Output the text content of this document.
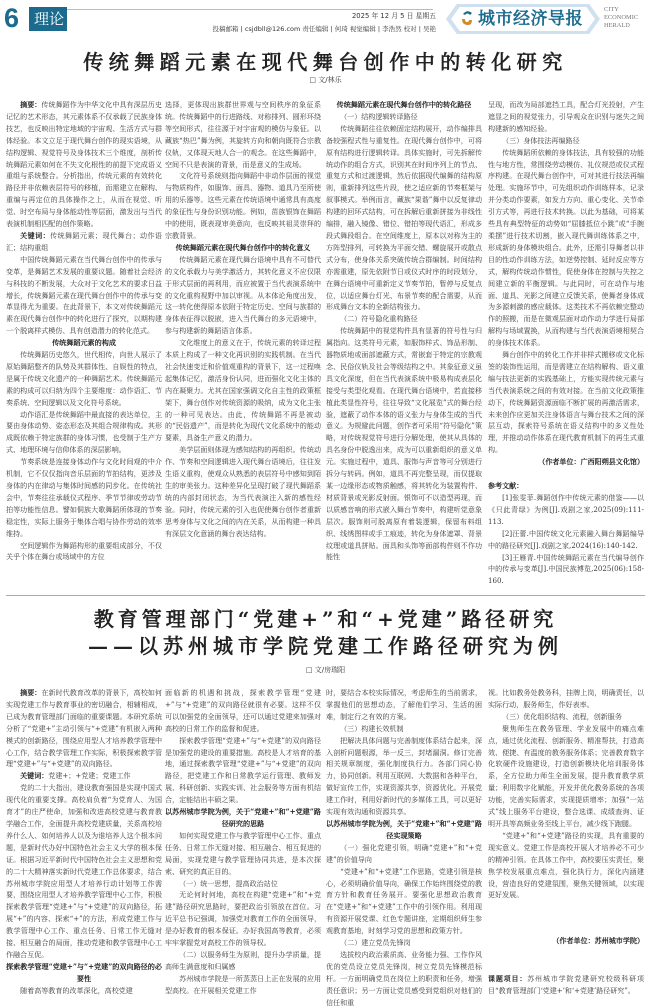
6 理论	2025 年 12 月 5 日 星期五
投稿邮箱 | csjdbll@126.com 责任编辑 | 何琦 视觉编辑 | 李浩然 校对 | 吴艳 城市经济导报	CITY
ECONOMIC
HERALD
传统舞蹈元素在现代舞台创作中的转化研究
□ 文/林乐

摘要：传统舞蹈作为中华文化中具有深层历史记忆的艺术形态，其元素体系不仅承载了民族身体技艺，也反映出特定地域的宇宙观、生活方式与群体经验。本文立足于现代舞台创作的现实语境，从结构逻辑、视觉符号及身体技术三个维度，剖析传统舞蹈元素如何在不失文化根性的前提下完成语义重组与系统整合。分析指出，传统元素的有效转化路径并非依赖表层符号的移植，而需建立在解构、重编与再定位的具体操作之上，从而在视觉、听觉、时空布局与身体能动性等层面，激发出与当代表演机制相匹配的创作策略。

关键词：传统舞蹈元素；现代舞台；动作语汇；结构重组

中国传统舞蹈元素在当代舞台创作中的传承与变革，是舞蹈艺术发展的重要议题。随着社会经济与科技的不断发展，大众对于文化艺术的要求日益增长，传统舞蹈元素在现代舞台创作中的传承与变革显得尤为重要。在此背景下，本文对传统舞蹈元素在现代舞台创作中的转化进行了探究，以期构建一个脱离样式模仿、具有创造潜力的转化范式。

传统舞蹈元素的构成

传统舞蹈历史悠久，世代相传，向世人展示了原始舞蹈整齐的队势及其群体性、自娱性的特点，是属于传统文化遗产的一种舞蹈艺术。传统舞蹈元素的构成可以归纳为四个主要维度：动作语汇、节奏系统、空间逻辑以及文化符号系统。

动作语汇是传统舞蹈中最直接的表达单位，主要由身体动势、姿态形态及其组合规律构成。其形成既依赖于特定族群的身体习惯，也受制于生产方式、地理环境与信仰体系的深层影响。

节奏系统是连接身体动作与文化时间观的中介机制，它不仅仅指向音乐层面的节拍结构，更涉及身体的内在律动与集体时间感的同步化。在传统社会中，节奏往往承载仪式程序、季节节律或劳动节拍等功能性信息。譬如侗族大歌舞蹈所体现的节奏稳定性，实际上服务于集体合唱与协作劳动的效率维持。

空间逻辑作为舞蹈构形的重要组成部分，不仅关乎个体在舞台或场域中的方位

选择，更体现出族群世界观与空间秩序的象征系统。传统舞蹈中的行进路线、对称排列、圆形环绕等空间形式，往往源于对宇宙观的模仿与象征。以藏族“热巴”舞为例，其旋转方向和朝向既符合宗教仪轨，又体现天地人合一的观念。在这些舞蹈中，空间不只是表演的背景，而是意义的生成场。

文化符号系统则指向舞蹈中非动作层面的视觉与物质构件，如服饰、面具、器物、道具乃至所使用的乐器等。这些元素在传统语境中通常具有高度的象征性与身份识别功能。例如，苗族银饰在舞蹈中的使用，既表现审美意向，也反映其祖灵崇拜的宗教背景。

传统舞蹈元素在现代舞台创作中的转化意义

传统舞蹈元素在现代舞台语境中具有不可替代的文化承载力与美学激活力，其转化意义不应仅限于形式层面的再利用，而应被置于当代表演系统中的文化重构视野中加以审视。从本体论角度出发，这一转化使得原本依附于特定历史、空间与族群的身体表征得以脱嵌，进入当代舞台的多元语境中，参与构建新的舞蹈语言体系。

文化维度上的意义在于，传统元素的转译过程本质上构成了一种文化再识别的实践机制。在当代社会快速变迁和价值观重构的背景下，这一过程唤起集体记忆，激活身份认同，进而强化文化主体的内在凝聚力。尤其在国家强调文化自主性的政策框架下，舞台创作对传统资源的吸纳，成为文化主张的一种可见表达。由此，传统舞蹈不再是被动的“民俗遗产”，而是转化为现代文化系统中的能动要素，具备生产意义的潜力。

美学层面则体现为感知结构的再组织。传统动作、节奏和空间逻辑进入现代舞台语境后，往往发生语义重构，使观众从熟悉的表层符号中感知到陌生的审美张力。这种差异化呈现打破了现代舞蹈系统的内部封闭状态，为当代表演注入新的感性经验。同时，传统元素的引入也促使舞台创作者重新思考身体与文化之间的内在关系，从而构建一种具有深层文化意涵的舞台表达结构。

传统舞蹈元素在现代舞台创作中的转化路径

（一）结构逻辑转译路径

传统舞蹈往往依赖固定结构展开，动作编排具备较强程式性与重复性。在现代舞台创作中，可将原有结构进行逻辑转译。具体实施时，可先拆解传统动作的组合方式，识别其在时间序列上的节点、重复方式和过渡逻辑，然后依据现代编舞的结构原则，重新排列这些片段，使之适应新的节奏框架与叙事模式。举例而言，藏族“果谐”舞中以反复律动构建的回环式结构，可在拆解后重新拼接为非线性编排，融入镜像、错位、错拍等现代语汇，形成多段式舞段组合。在空间维度上，原本以对称为主的方阵型排列，可转换为平面交错、螺旋展开或散点式分布，使身体关系突破传统合群编制。时间结构亦需重建，原先依附节日或仪式时序的时段划分，在舞台语境中可重新定义节奏节拍，暂停与反复点位，以适应舞台灯光、布景节奏的配合需要，从而形成舞台文本的全新结构张力。

（二）符号隐化重构路径

传统舞蹈中的视觉构件具有显著的符号性与归属指向。这类符号元素，如服饰样式、饰品形制、器物质地或面部遮蔽方式，常嵌套于特定的宗教观念、民俗仪轨及社会等级结构之中。其象征意义虽具文化深度，但在当代表演系统中极易构成表层化接受与类型化观看。在现代舞台语境中，若直接移植此类显性符号，往往导致“文化展览”式的舞台经验，遮蔽了动作本体的语义张力与身体生成的当代意义。为规避此问题，创作者可采用“符号隐化”策略，对传统视觉符号进行分解处理，使其从具体的具名身份中脱逸出来，成为可以重新组织的意义单元。实施过程中，道具、服饰与声音等可分别进行拆分与转码。例如，道具不再完整呈现，而仅提取某一边缘形态或物质触感，将其转化为装置构件、材质背景或光影反射面。银饰可不以造型再现，而以质感音响的形式嵌入舞台节奏中，构建听觉意象层次。服饰则可脱离原有着装逻辑，保留布料组织、线绣图样或手工痕迹，转化为身体遮罩、背景纹理或道具拼贴。面具和头饰等面部构件则不作功能性

呈现，而改为局部遮挡工具，配合灯光投射，产生遮显之间的视觉张力，引导观众在识别与迷失之间构建新的感知经验。

（三）身体技法再编路径

传统舞蹈所依赖的身体技法，具有较强的功能性与地方性，常围绕劳动模仿、礼仪规范或仪式程序构建。在现代舞台创作中，可对其进行技法再编处理。实施环节中，可先组织动作训练样本，记录并分类动作要素，如发力方向、重心变化、关节牵引方式等，再进行技术转换。以此为基础，可将某些具有典型特征的动势如“屈膝抵位小跳”或“手腕柔摆”进行技术切割，嵌入现代舞训练体系之中，形成新的身体模块组合。此外，还需引导舞者以非目的性动作训练方法，如逆势控制、延时反应等方式，解构传统动作惯性，促使身体在控制与失控之间建立新的平衡逻辑。与此同时，可在动作与地面、道具、光影之间建立反馈关系，使舞者身体成为多源刺激的感应载体。这类技术不再依赖完整动作的照搬，而是在微观层面对动作动力学进行局部解构与场域置换，从而构建与当代表演语境相契合的身体技术体系。

舞台创作中的转化工作并非样式搬移或文化标签的装饰性运用，而是需建立在结构解构、语义重编与技法更新的实践基础上，方能实现传统元素与当代表演系统之间的有效对接。在当前文化政策推动下，传统舞蹈资源面临不断扩展的再激活需求，未来创作应更加关注身体语言与舞台技术之间的深层互动，探索符号系统在语义结构中的多义性处理，并推动动作体系在现代教育机制下的再生式重构。

（作者单位：广西阳朔县文化馆）

参考文献：

[1]张雯菲.舞蹈创作中传统元素的借鉴——以《只此青绿》为例[J].戏剧之家,2025(09):111-113.

[2]汪蕾.中国传统文化元素融入舞台舞蹈编导中的路径研究[J].戏剧之家,2024(16):140-142.

[3]王雁青.中国传统舞蹈元素在当代编导创作中的传承与变革[J].中国民族博览,2025(06):158-160.

教育管理部门“党建+”和“+党建”路径研究
——以苏州城市学院党建工作路径研究为例
□ 文/房瑞阳

摘要：在新时代教育改革的背景下，高校如何实现党建工作与教育事业的密切融合，相辅相成，已成为教育管理部门面临的重要课题。本研究系统分析了“党建+”主动引领与“+党建”有机嵌入两种模式的创新路径，围绕应用型人才培养教学管理中心工作，结合教学管理工作实际，积极探索教学管理“党建+”与“+党建”的双向路径。

关键词：党建+；+党建；党建工作

党的二十大指出，建设教育强国是实现中国式现代化的重要支撑。高校肩负着“为党育人、为国育才”的庄严使命，加强和改进高校党建与教育教学融合工作，全面提升高校党建质量，关系高校培养什么人、如何培养人以及为谁培养人这个根本问题，是新时代办好中国特色社会主义大学的根本保证。根据习近平新时代中国特色社会主义思想和党的二十大精神落实新时代党建工作总体要求，结合苏州城市学院应用型人才培养行动计划等工作需要，围绕应用型人才培养教学管理中心工作，积极探索教学管理“党建+”与“+党建”的双向路径，拓展“+”的内容、探索“+”的方法，形成党建工作与教学管理中心工作、重点任务、日常工作无缝对接、相互融合的局面，推动党建和教学管理中心工作融合互促。

探索教学管理“党建+”与“+党建”的双向路径的必要性

随着高等教育的改革深化，高校党建

面临新的机遇和挑战，探索教学管理“党建+”与“+党建”的双向路径就很有必要。这样不仅可以加强党的全面领导，还可以通过党建来加强对高校的日常工作的监督和促进。

探索教学管理“党建+”与“+党建”的双向路径是加强党的建设的重要措施。高校是人才培育的基地，通过探索教学管理“党建+”与“+党建”的双向路径，把党建工作和日常教学运行管理、教师发展、科研创新、实践实训、社会服务等方面有机结合，定能结出丰硕之果。

以苏州城市学院为例，关于“党建+”和“+党建”路径研究的思路

如何实现党建工作与教学管理中心工作、重点任务、日常工作无缝对接、相互融合、相互促进的局面，实现党建与教学管理协同共进，是本次探索、研究的真正目的。

（一）统一思想，提高政治站位

无论何时何地，高校在构建“党建+”和“+党建”路径研究思路时，要把政治引领放在首位。习近平总书记强调，加强党对教育工作的全面领导，是办好教育的根本保证。办好我国高等教育，必须牢牢掌握党对高校工作的领导权。

（二）以服务师生为原则，提升办学质量，提高师生满意度和归属感

苏州城市学院是一所蒸蒸日上正在发展的应用型高校。在开展相关党建工作

时，要结合本校实际情况，考虑师生的当前需求，掌握他们的思想动态，了解他们学习、生活的困难，制定行之有效的方案。

（三）构建长效机制

把解决具体问题与完善制度体系结合起来，深入剖析问题根源，举一反三，封堵漏洞。修订完善相关规章制度，强化制度执行力。各部门同心协力，协同创新。利用互联网、大数据和各种平台，做好宣传工作，实现资源共享，资源优化。开展党建工作时，利用好新时代的多媒体工具，可以更好实现有效沟通和资源共享。

以苏州城市学院为例，关于“党建+”和“+党建”路径实现策略

（一）强化党建引领，明确“党建+”和“+党建”的价值导向

“党建+”和“+党建”工作思路，党建引领是核心，必须明确价值导向，确保工作始终围绕党的教育方针和教育任务展开。要强化思想政治教育在“党建+”和“+党建”工作中的引领作用。利用现有资源开展党课、红色专题讲座，定期组织师生参观教育基地，时刻学习党的思想和政策方针。

（二）建立党员先锋岗

选拔校内政治素质高、业务能力强、工作作风优的党员设立党员先锋岗，树立党员先锋模范标杆。一方面明确党员在岗位上的职责和任务，增强责任意识；另一方面让党员感受到党组织对他们的信任和重

视。比如教务处教务科，挂牌上岗，明确责任，以实际行动，服务师生，作好表率。

（三）优化组织结构、流程，创新服务

聚焦师生在教务管理、学业发展中的痛点难点，通过优化流程、创新服务、精准帮扶，打造高效、便捷、有温度的教务服务体系；完善教育数字化软硬件设施建设，打造创新模块化培训服务体系，全方位助力师生全面发展，提升教育教学质量；利用数字化赋能，开发并优化教务系统的各项功能，完善实际需求，实现提质增率；加强“一站式”线上服务平台建设，整合选课、成绩查询、证明开具等高频业务至线上平台，减少线下跑腿。

“党建+”和“+党建”路径的实现，具有重要的现实意义。党建工作是高校开展人才培养必不可少的精神引领。在具体工作中，高校要压实责任，聚焦学校发展重点难点，强化执行力，深化内涵建设，营造良好的党建氛围，聚焦关键领域，以实现更好发展。

（作者单位：苏州城市学院）

课题项目：苏州城市学院党建研究校级科研项目“教育管理部门‘党建+’和‘+党建’路径研究”。
